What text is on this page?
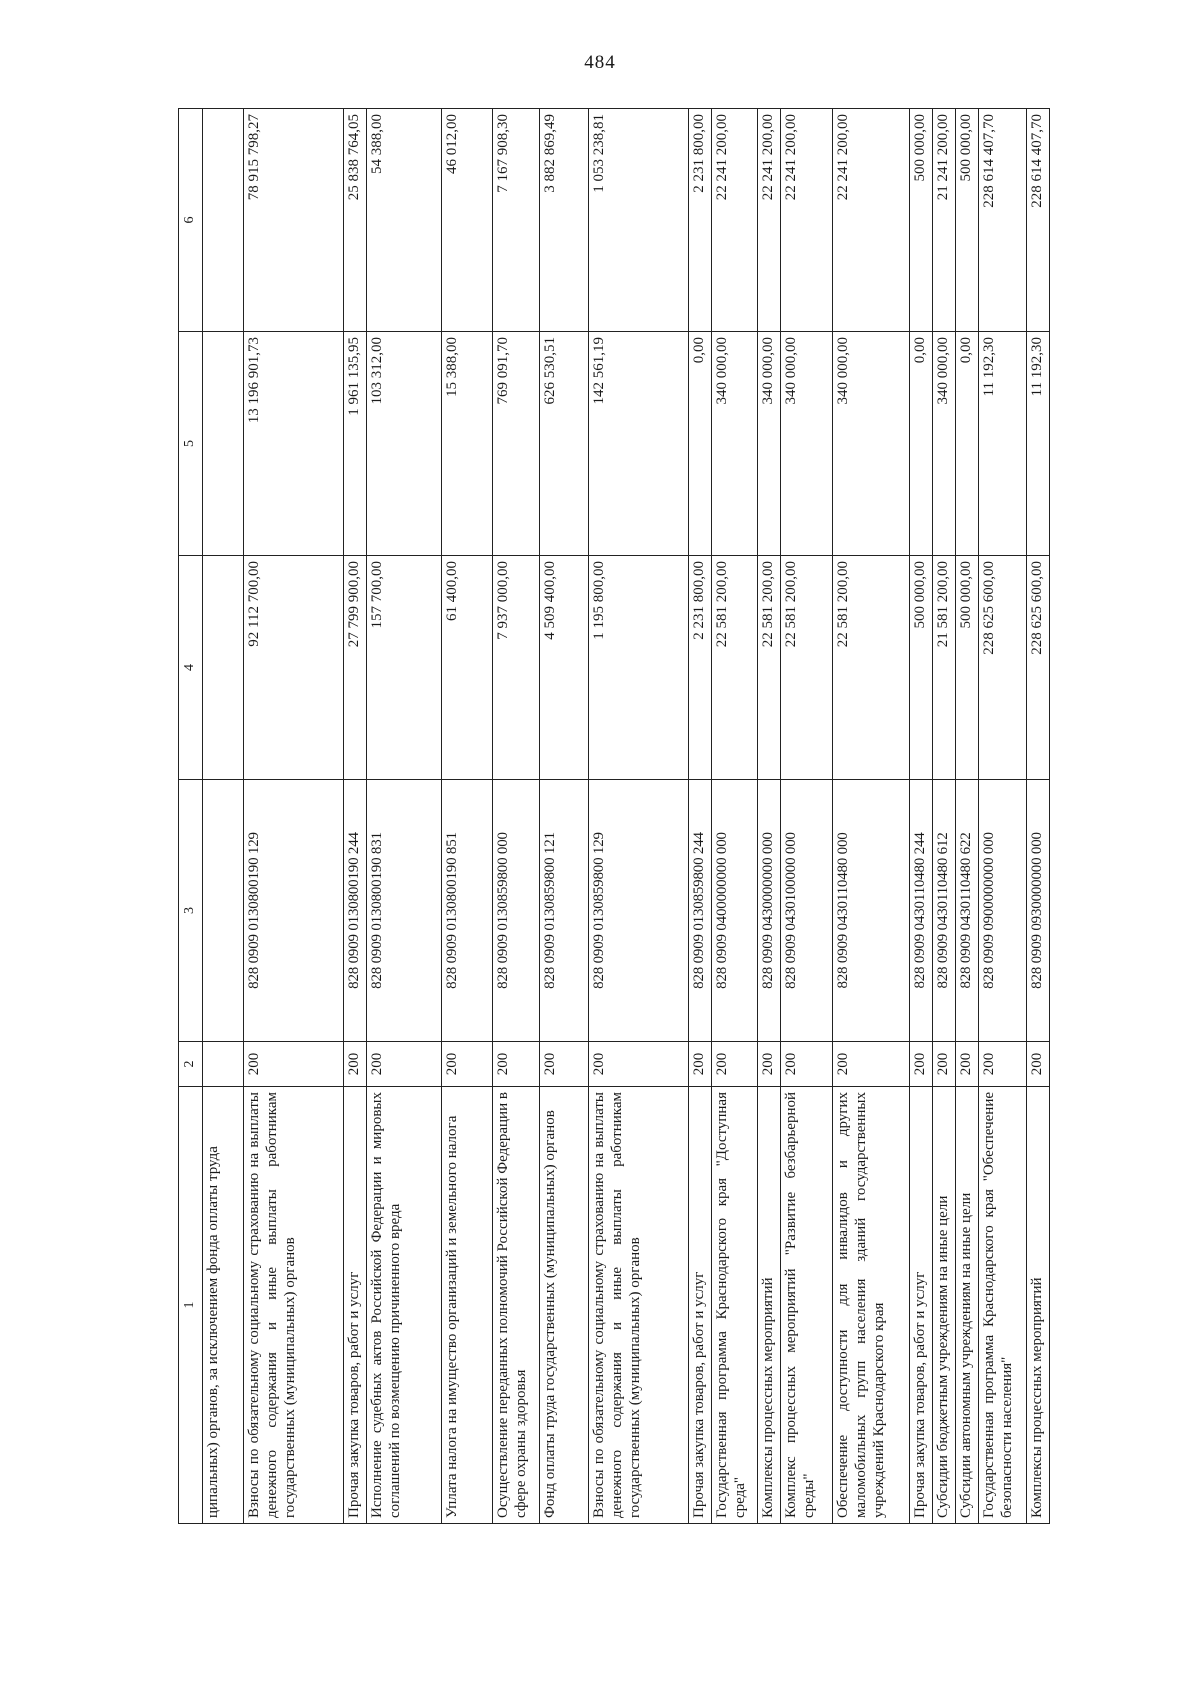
484
1	2	3	4	5	6
ципальных) органов, за исключением фонда оплаты труда					
Взносы по обязательному социальному страхованию на выплаты денежного содержания и иные выплаты работникам государственных (муниципальных) органов	200	828 0909 0130800190 129	92 112 700,00	13 196 901,73	78 915 798,27
Прочая закупка товаров, работ и услуг	200	828 0909 0130800190 244	27 799 900,00	1 961 135,95	25 838 764,05
Исполнение судебных актов Российской Федерации и мировых соглашений по возмещению причиненного вреда	200	828 0909 0130800190 831	157 700,00	103 312,00	54 388,00
Уплата налога на имущество организаций и земельного налога	200	828 0909 0130800190 851	61 400,00	15 388,00	46 012,00
Осуществление переданных полномочий Российской Федерации в сфере охраны здоровья	200	828 0909 0130859800 000	7 937 000,00	769 091,70	7 167 908,30
Фонд оплаты труда государственных (муниципальных) органов	200	828 0909 0130859800 121	4 509 400,00	626 530,51	3 882 869,49
Взносы по обязательному социальному страхованию на выплаты денежного содержания и иные выплаты работникам государственных (муниципальных) органов	200	828 0909 0130859800 129	1 195 800,00	142 561,19	1 053 238,81
Прочая закупка товаров, работ и услуг	200	828 0909 0130859800 244	2 231 800,00	0,00	2 231 800,00
Государственная программа Краснодарского края "Доступная среда"	200	828 0909 0400000000 000	22 581 200,00	340 000,00	22 241 200,00
Комплексы процессных мероприятий	200	828 0909 0430000000 000	22 581 200,00	340 000,00	22 241 200,00
Комплекс процессных мероприятий "Развитие безбарьерной среды"	200	828 0909 0430100000 000	22 581 200,00	340 000,00	22 241 200,00
Обеспечение доступности для инвалидов и других маломобильных групп населения зданий государственных учреждений Краснодарского края	200	828 0909 0430110480 000	22 581 200,00	340 000,00	22 241 200,00
Прочая закупка товаров, работ и услуг	200	828 0909 0430110480 244	500 000,00	0,00	500 000,00
Субсидии бюджетным учреждениям на иные цели	200	828 0909 0430110480 612	21 581 200,00	340 000,00	21 241 200,00
Субсидии автономным учреждениям на иные цели	200	828 0909 0430110480 622	500 000,00	0,00	500 000,00
Государственная программа Краснодарского края "Обеспечение безопасности населения"	200	828 0909 0900000000 000	228 625 600,00	11 192,30	228 614 407,70
Комплексы процессных мероприятий	200	828 0909 0930000000 000	228 625 600,00	11 192,30	228 614 407,70
